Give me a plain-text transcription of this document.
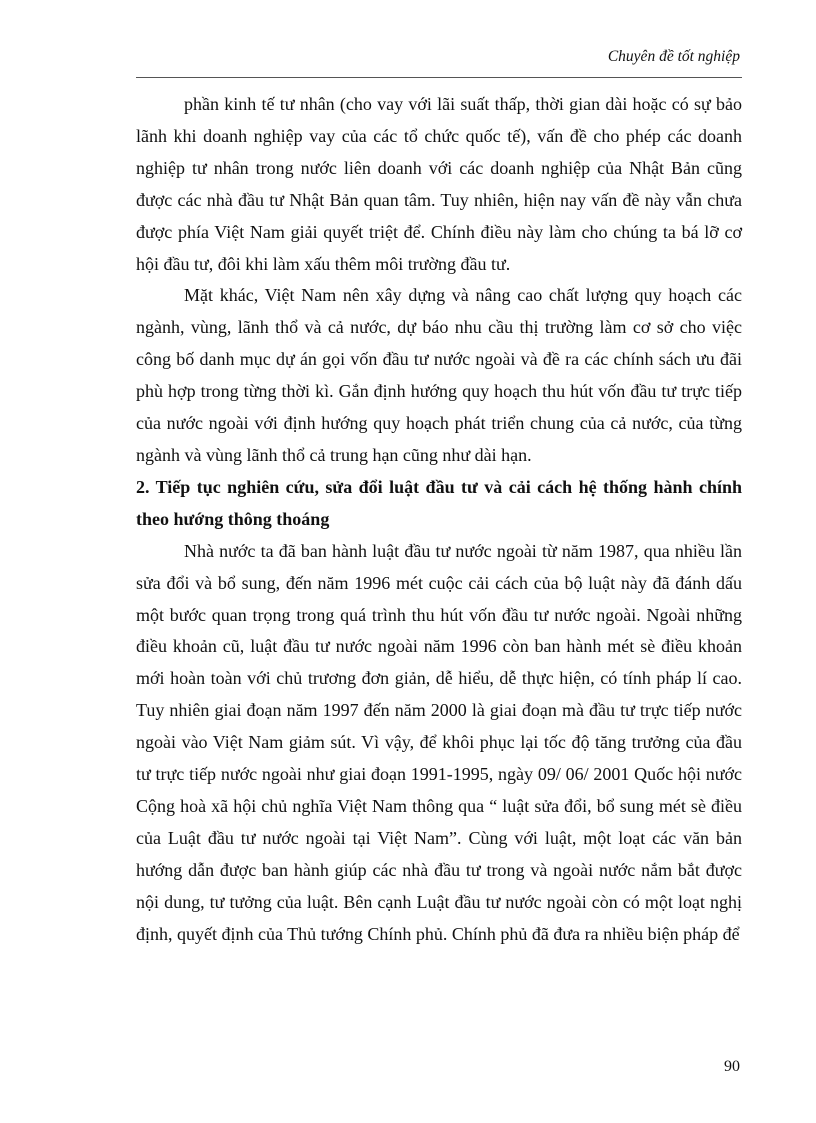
Chuyên đề tốt nghiệp

phần kinh tế tư nhân (cho vay với lãi suất thấp, thời gian dài hoặc có sự bảo lãnh khi doanh nghiệp vay của các tổ chức quốc tế), vấn đề cho phép các doanh nghiệp tư nhân trong nước liên doanh với các doanh nghiệp của Nhật Bản cũng được các nhà đầu tư Nhật Bản quan tâm. Tuy nhiên, hiện nay vấn đề này vẫn chưa được phía Việt Nam giải quyết triệt để. Chính điều này làm cho chúng ta bá lỡ cơ hội đầu tư, đôi khi làm xấu thêm môi trường đầu tư.

Mặt khác, Việt Nam nên xây dựng và nâng cao chất lượng quy hoạch các ngành, vùng, lãnh thổ và cả nước, dự báo nhu cầu thị trường làm cơ sở cho việc công bố danh mục dự án gọi vốn đầu tư nước ngoài và đề ra các chính sách ưu đãi phù hợp trong từng thời kì. Gắn định hướng quy hoạch thu hút vốn đầu tư trực tiếp của nước ngoài với định hướng quy hoạch phát triển chung của cả nước, của từng ngành và vùng lãnh thổ cả trung hạn cũng như dài hạn.

2. Tiếp tục nghiên cứu, sửa đổi luật đầu tư và cải cách hệ thống hành chính theo hướng thông thoáng

Nhà nước ta đã ban hành luật đầu tư nước ngoài từ năm 1987, qua nhiều lần sửa đổi và bổ sung, đến năm 1996 mét cuộc cải cách của bộ luật này đã đánh dấu một bước quan trọng trong quá trình thu hút vốn đầu tư nước ngoài. Ngoài những điều khoản cũ, luật đầu tư nước ngoài năm 1996 còn ban hành mét sè điều khoản mới hoàn toàn với chủ trương đơn giản, dễ hiểu, dễ thực hiện, có tính pháp lí cao. Tuy nhiên giai đoạn năm 1997 đến năm 2000 là giai đoạn mà đầu tư trực tiếp nước ngoài vào Việt Nam giảm sút. Vì vậy, để khôi phục lại tốc độ tăng trưởng của đầu tư trực tiếp nước ngoài như giai đoạn 1991-1995, ngày 09/ 06/ 2001 Quốc hội nước Cộng hoà xã hội chủ nghĩa Việt Nam thông qua “ luật sửa đổi, bổ sung mét sè điều của Luật đầu tư nước ngoài tại Việt Nam”. Cùng với luật, một loạt các văn bản hướng dẫn được ban hành giúp các nhà đầu tư trong và ngoài nước nắm bắt được nội dung, tư tưởng của luật. Bên cạnh Luật đầu tư nước ngoài còn có một loạt nghị định, quyết định của Thủ tướng Chính phủ. Chính phủ đã đưa ra nhiều biện pháp để

90
